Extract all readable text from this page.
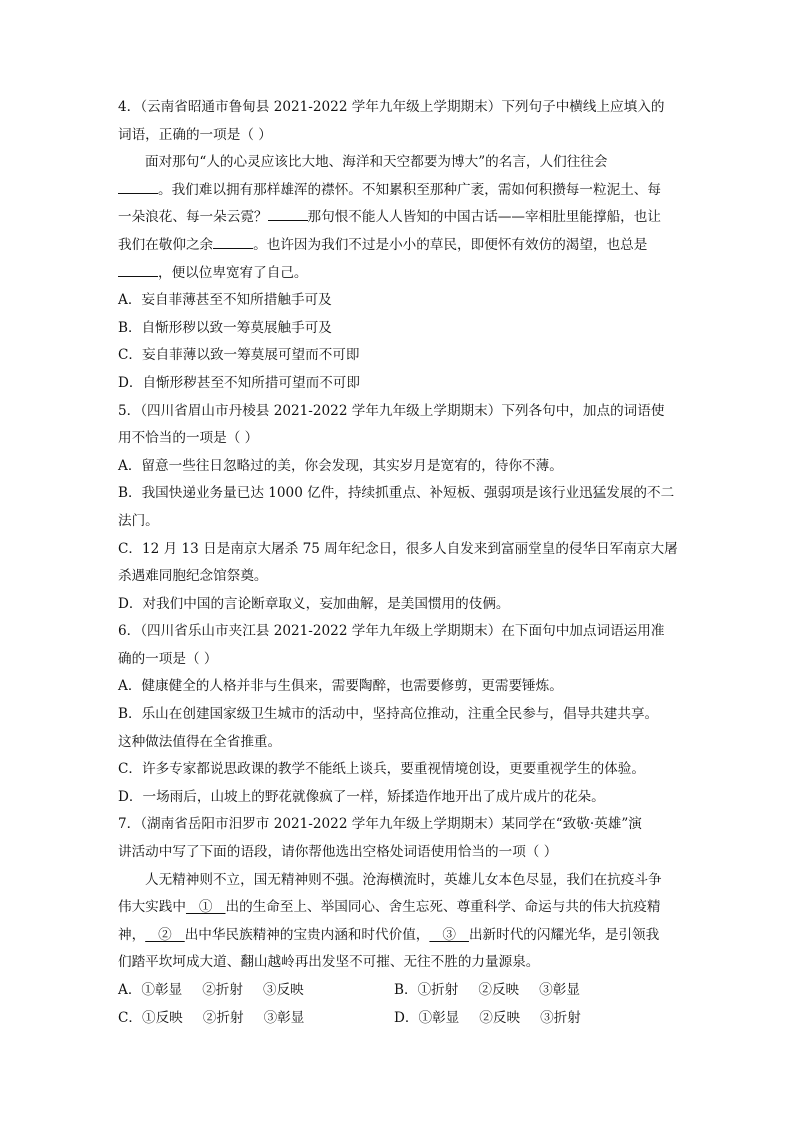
4．（云南省昭通市鲁甸县 2021-2022 学年九年级上学期期末）下列句子中横线上应填入的
词语，正确的一项是（ ）
面对那句“人的心灵应该比大地、海洋和天空都要为博大”的名言，人们往往会
。我们难以拥有那样雄浑的襟怀。不知累积至那种广袤，需如何积攒每一粒泥土、每
一朵浪花、每一朵云霓？	那句恨不能人人皆知的中国古话——宰相肚里能撑船，也让
我们在敬仰之余	。也许因为我们不过是小小的草民，即便怀有效仿的渴望，也总是
，便以位卑宽宥了自己。
A．妄自菲薄甚至不知所措触手可及
B．自惭形秽以致一筹莫展触手可及
C．妄自菲薄以致一筹莫展可望而不可即
D．自惭形秽甚至不知所措可望而不可即
5．（四川省眉山市丹棱县 2021-2022 学年九年级上学期期末）下列各句中，加点的词语使
用不恰当的一项是（ ）
A．留意一些往日忽略过的美，你会发现，其实岁月是宽宥的，待你不薄。
B．我国快递业务量已达 1000 亿件，持续抓重点、补短板、强弱项是该行业迅猛发展的不二
法门。
C．12 月 13 日是南京大屠杀 75 周年纪念日，很多人自发来到富丽堂皇的侵华日军南京大屠
杀遇难同胞纪念馆祭奠。
D．对我们中国的言论断章取义，妄加曲解，是美国惯用的伎俩。
6．（四川省乐山市夹江县 2021-2022 学年九年级上学期期末）在下面句中加点词语运用准
确的一项是（ ）
A．健康健全的人格并非与生俱来，需要陶醉，也需要修剪，更需要锤炼。
B．乐山在创建国家级卫生城市的活动中，坚持高位推动，注重全民参与，倡导共建共享。
这种做法值得在全省推重。
C．许多专家都说思政课的教学不能纸上谈兵，要重视情境创设，更要重视学生的体验。
D．一场雨后，山坡上的野花就像疯了一样，矫揉造作地开出了成片成片的花朵。
7．（湖南省岳阳市汨罗市 2021-2022 学年九年级上学期期末）某同学在“致敬·英雄”演
讲活动中写了下面的语段，请你帮他选出空格处词语使用恰当的一项（ ）
人无精神则不立，国无精神则不强。沧海横流时，英雄儿女本色尽显，我们在抗疫斗争
伟大实践中   ①   出的生命至上、举国同心、舍生忘死、尊重科学、命运与共的伟大抗疫精
神，   ②   出中华民族精神的宝贵内涵和时代价值，   ③   出新时代的闪耀光华，是引领我
们踏平坎坷成大道、翻山越岭再出发坚不可摧、无往不胜的力量源泉。
A．①彰显 ②折射 ③反映	B．①折射 ②反映 ③彰显
C．①反映 ②折射 ③彰显	D．①彰显 ②反映 ③折射
